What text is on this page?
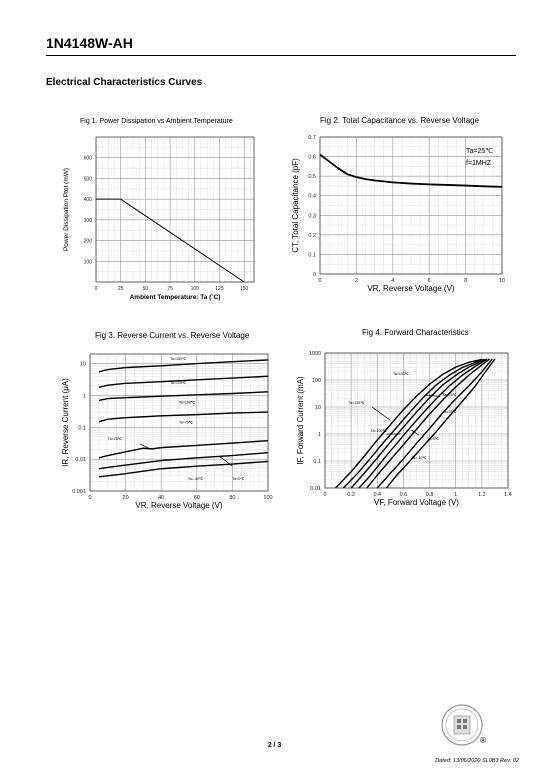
1N4148W-AH
Electrical Characteristics Curves
Fig 1. Power Dissipation vs Ambient Temperature	Fig 2. Total Capacitance vs. Reverse Voltage
Fig 3. Reverse Current vs. Reverse Voltage	Fig 4. Forward Characteristics
0	25	50	75	100	125	150
100
200
300
400
500
600
Ambient Temperature: Ta (˚C)
Power Dissipation Ptot (mW)
0	2	4	6	8	10
0
0.1
0.2
0.3
0.4
0.5
0.6
0.7
VR, Reverse Voltage (V)
CT, Total Capacitance (pF)
Ta=25℃
f=1MHZ
0	20	40	60	80	100
0.001
0.01
0.1
1
10
VR, Reverse Voltage (V)
IR, Reverse Current (μA)
Ta=150℃
Ta=125℃
Ta=100℃
Ta=75℃
Ta=25℃
Ta=0℃
Ta=-40℃
0	0.2	0.4	0.6	0.8	1	1.2	1.4
0.01
0.1
1
10
100
1000
VF, Forward Voltage (V)
IF, Forward Current (mA)
Ta=150℃
Ta=125℃
Ta=100℃
Ta=75℃
Ta=25℃
Ta=0℃
Ta=-40℃
®
2 / 3
Dated: 13/06/2020 SL0B3 Rev: 02
